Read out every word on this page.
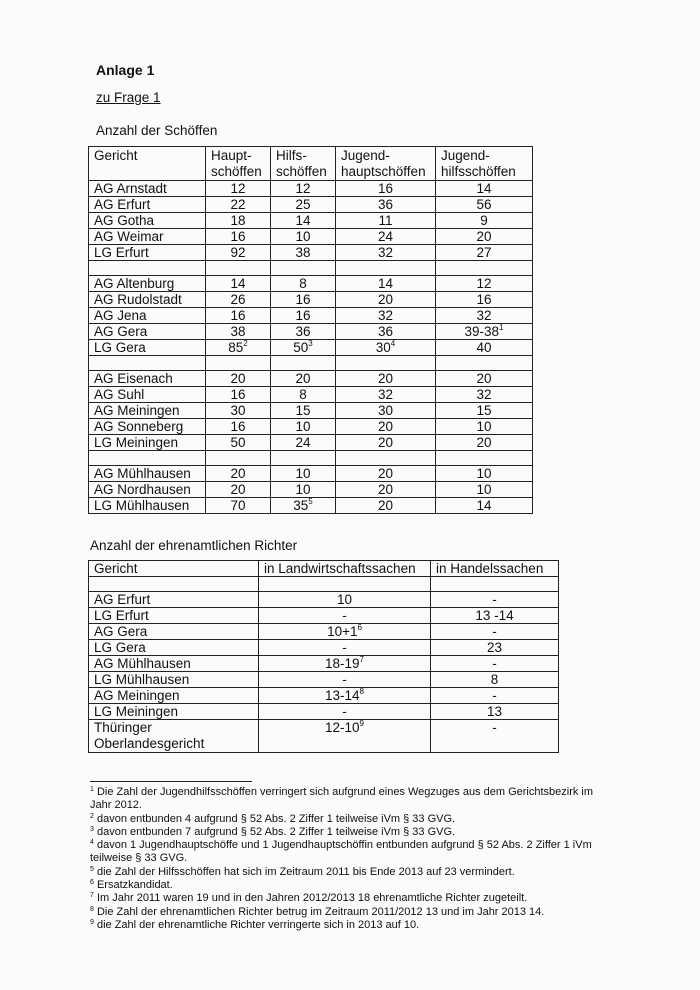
Anlage 1
zu Frage 1
Anzahl der Schöffen
Gericht	Haupt-schöffen	Hilfs-schöffen	Jugend-hauptschöffen	Jugend-hilfsschöffen
AG Arnstadt	12	12	16	14
AG Erfurt	22	25	36	56
AG Gotha	18	14	11	9
AG Weimar	16	10	24	20
LG Erfurt	92	38	32	27

AG Altenburg	14	8	14	12
AG Rudolstadt	26	16	20	16
AG Jena	16	16	32	32
AG Gera	38	36	36	$39-38^1$
LG Gera	$85^2$	$50^3$	$30^4$	40

AG Eisenach	20	20	20	20
AG Suhl	16	8	32	32
AG Meiningen	30	15	30	15
AG Sonneberg	16	10	20	10
LG Meiningen	50	24	20	20

AG Mühlhausen	20	10	20	10
AG Nordhausen	20	10	20	10
LG Mühlhausen	70	$35^5$	20	14
Anzahl der ehrenamtlichen Richter
Gericht	in Landwirtschaftssachen	in Handelssachen

AG Erfurt	10	-
LG Erfurt	-	13 -14
AG Gera	$10+1^6$	-
LG Gera	-	23
AG Mühlhausen	$18-19^7$	-
LG Mühlhausen	-	8
AG Meiningen	$13-14^8$	-
LG Meiningen	-	13
Thüringer Oberlandesgericht	$12-10^9$	-

$^1$ Die Zahl der Jugendhilfsschöffen verringert sich aufgrund eines Wegzuges aus dem Gerichtsbezirk im Jahr 2012.

$^2$ davon entbunden 4 aufgrund § 52 Abs. 2 Ziffer 1 teilweise iVm § 33 GVG.

$^3$ davon entbunden 7 aufgrund § 52 Abs. 2 Ziffer 1 teilweise iVm § 33 GVG.

$^4$ davon 1 Jugendhauptschöffe und 1 Jugendhauptschöffin entbunden aufgrund § 52 Abs. 2 Ziffer 1 iVm teilweise § 33 GVG.

$^5$ die Zahl der Hilfsschöffen hat sich im Zeitraum 2011 bis Ende 2013 auf 23 vermindert.

$^6$ Ersatzkandidat.

$^7$ Im Jahr 2011 waren 19 und in den Jahren 2012/2013 18 ehrenamtliche Richter zugeteilt.

$^8$ Die Zahl der ehrenamtlichen Richter betrug im Zeitraum 2011/2012 13 und im Jahr 2013 14.

$^9$ die Zahl der ehrenamtliche Richter verringerte sich in 2013 auf 10.
